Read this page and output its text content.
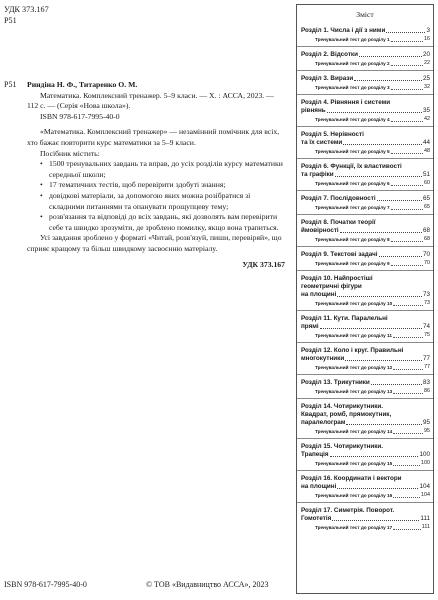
УДК 373.167
Р51
Р51 Риндіна Н. Ф., Титаренко О. М.

Математика. Комплексний тренажер. 5–9 класи. — Х. : АССА, 2023. — 112 с. — (Серія «Нова школа»).

ISBN 978-617-7995-40-0

«Математика. Комплексний тренажер» — незамінний помічник для всіх, хто бажає повторити курс математики за 5–9 класи.

Посібник містить:

• 1500 тренувальних завдань та вправ, до усіх розділів курсу математики середньої школи;
• 17 тематичних тестів, щоб перевірити здобуті знання;
• довідкові матеріали, за допомогою яких можна розібратися зі складними питаннями та опанувати прощупцеву тему;
• розв'язання та відповіді до всіх завдань, які дозволять вам перевірити себе та швидко зрозуміти, де зроблено помилку, якщо вона трапиться.

Усі завдання зроблено у форматі «Читай, розв'язуй, пиши, перевіряй», що сприяє кращому та більш швидкому засвоєнню матеріалу.

УДК 373.167

ISBN 978-617-7995-40-0	© ТОВ «Видавництво АССА», 2023
Зміст
Розділ 1. Числа і дії з ними	3
Тренувальний тест до розділу 1	16
Розділ 2. Відсотки	20
Тренувальний тест до розділу 2	22
Розділ 3. Вирази	25
Тренувальний тест до розділу 3	32
Розділ 4. Рівняння і системи
рівнянь	35
Тренувальний тест до розділу 4	42
Розділ 5. Нерівності
та їх системи	44
Тренувальний тест до розділу 5	48
Розділ 6. Функції, їх властивості
та графіки	51
Тренувальний тест до розділу 6	60
Розділ 7. Послідовності	65
Тренувальний тест до розділу 7	65
Розділ 8. Початки теорії
ймовірності	68
Тренувальний тест до розділу 8	68
Розділ 9. Текстові задачі	70
Тренувальний тест до розділу 9	70
Розділ 10. Найпростіші
геометричні фігури
на площині	73
Тренувальний тест до розділу 10	73
Розділ 11. Кути. Паралельні
прямі	74
Тренувальний тест до розділу 11	75
Розділ 12. Коло і круг. Правильні
многокутники	77
Тренувальний тест до розділу 12	77
Розділ 13. Трикутники	83
Тренувальний тест до розділу 13	86
Розділ 14. Чотирикутники.
Квадрат, ромб, прямокутник,
паралелограм	95
Тренувальний тест до розділу 14	95
Розділ 15. Чотирикутники.
Трапеція	100
Тренувальний тест до розділу 15	100
Розділ 16. Координати і вектори
на площині	104
Тренувальний тест до розділу 16	104
Розділ 17. Симетрія. Поворот.
Гомотетія	111
Тренувальний тест до розділу 17	111
